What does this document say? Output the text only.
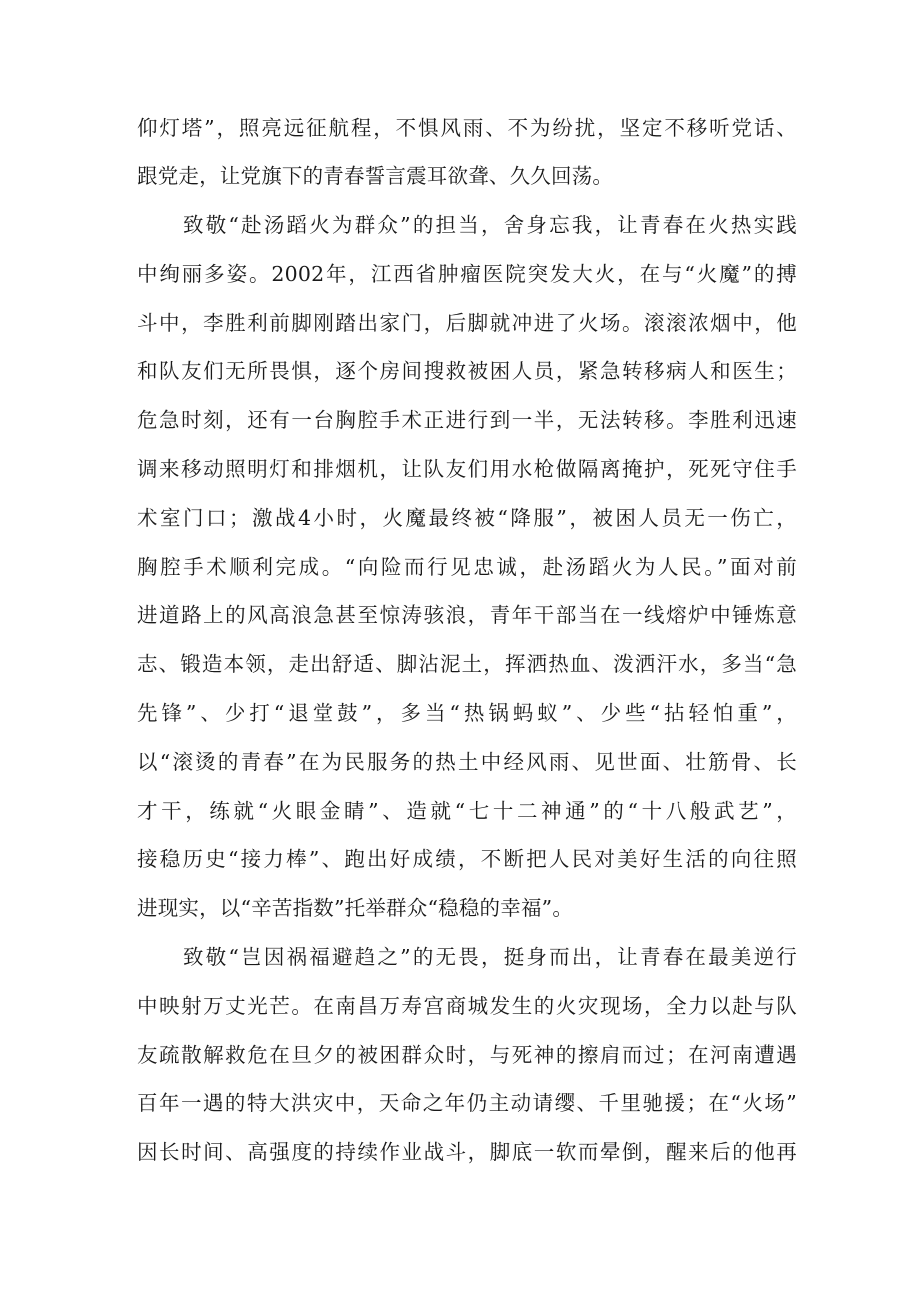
仰灯塔”，照亮远征航程，不惧风雨、不为纷扰，坚定不移听党话、
跟党走，让党旗下的青春誓言震耳欲聋、久久回荡。
致敬“赴汤蹈火为群众”的担当，舍身忘我，让青春在火热实践
中绚丽多姿。2002年，江西省肿瘤医院突发大火，在与“火魔”的搏
斗中，李胜利前脚刚踏出家门，后脚就冲进了火场。滚滚浓烟中，他
和队友们无所畏惧，逐个房间搜救被困人员，紧急转移病人和医生；
危急时刻，还有一台胸腔手术正进行到一半，无法转移。李胜利迅速
调来移动照明灯和排烟机，让队友们用水枪做隔离掩护，死死守住手
术室门口；激战4小时，火魔最终被“降服”，被困人员无一伤亡，
胸腔手术顺利完成。“向险而行见忠诚，赴汤蹈火为人民。”面对前
进道路上的风高浪急甚至惊涛骇浪，青年干部当在一线熔炉中锤炼意
志、锻造本领，走出舒适、脚沾泥土，挥洒热血、泼洒汗水，多当“急
先锋”、少打“退堂鼓”，多当“热锅蚂蚁”、少些“拈轻怕重”，
以“滚烫的青春”在为民服务的热土中经风雨、见世面、壮筋骨、长
才干，练就“火眼金睛”、造就“七十二神通”的“十八般武艺”，
接稳历史“接力棒”、跑出好成绩，不断把人民对美好生活的向往照
进现实，以“辛苦指数”托举群众“稳稳的幸福”。
致敬“岂因祸福避趋之”的无畏，挺身而出，让青春在最美逆行
中映射万丈光芒。在南昌万寿宫商城发生的火灾现场，全力以赴与队
友疏散解救危在旦夕的被困群众时，与死神的擦肩而过；在河南遭遇
百年一遇的特大洪灾中，天命之年仍主动请缨、千里驰援；在“火场”
因长时间、高强度的持续作业战斗，脚底一软而晕倒，醒来后的他再
